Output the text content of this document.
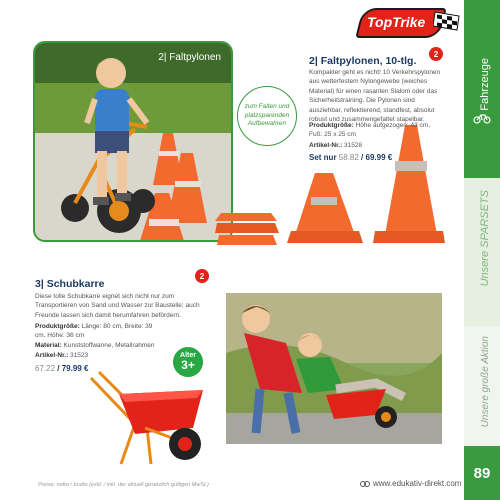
Fahrzeuge
Unsere SPARSETS
Unsere große Aktion
89
TopTrike
2| Faltpylonen
zum Falten und platzsparenden Aufbewahren
2
2| Faltpylonen, 10-tlg.
Kompakter geht es nicht! 10 Verkehrspylonen aus wetterfestem Nylongewebe (weiches Material) für einen rasanten Slalom oder das Sicherheitstraining. Die Pylonen sind ausziehbar, reflektierend, standfest, absolut robust und zusammengefaltet stapelbar.
Produktgröße: Höhe aufgezogen: 43 cm, Fuß: 25 x 25 cm
Artikel-Nr.: 31528
Set nur 58.82 / 69.99 €
2
3| Schubkarre
Diese tolle Schubkarre eignet sich nicht nur zum Transportieren von Sand und Wasser zur Baustelle; auch Freunde lassen sich damit herumfahren befördern.
Produktgröße: Länge: 80 cm, Breite: 39 cm, Höhe: 36 cm
Material: Kunststoffwanne, Metallrahmen
Artikel-Nr.: 31523
67.22 / 79.99 €
Alter
3+
Preise: netto / brutto (exkl. / inkl. der aktuell gesetzlich gültigen MwSt.)	www.edukativ-direkt.com
